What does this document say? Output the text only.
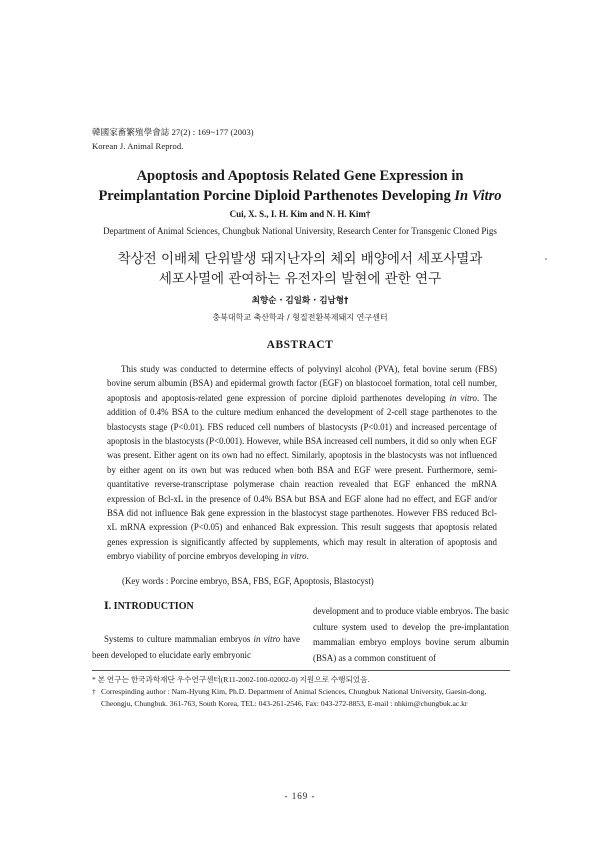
韓國家畜繁殖學會誌 27(2) : 169~177 (2003)
Korean J. Animal Reprod.
Apoptosis and Apoptosis Related Gene Expression in
Preimplantation Porcine Diploid Parthenotes Developing In Vitro
Cui, X. S., I. H. Kim and N. H. Kim†
Department of Animal Sciences, Chungbuk National University, Research Center for Transgenic Cloned Pigs
착상전 이배체 단위발생 돼지난자의 체외 배양에서 세포사멸과
세포사멸에 관여하는 유전자의 발현에 관한 연구
최향순 · 김일화 · 김남형†
충북대학교 축산학과 / 형질전환복제돼지 연구센터
ABSTRACT

This study was conducted to determine effects of polyvinyl alcohol (PVA), fetal bovine serum (FBS) bovine serum albumin (BSA) and epidermal growth factor (EGF) on blastocoel formation, total cell number, apoptosis and apoptosis-related gene expression of porcine diploid parthenotes developing in vitro. The addition of 0.4% BSA to the culture medium enhanced the development of 2-cell stage parthenotes to the blastocysts stage (P<0.01). FBS reduced cell numbers of blastocysts (P<0.01) and increased percentage of apoptosis in the blastocysts (P<0.001). However, while BSA increased cell numbers, it did so only when EGF was present. Either agent on its own had no effect. Similarly, apoptosis in the blastocysts was not influenced by either agent on its own but was reduced when both BSA and EGF were present. Furthermore, semi-quantitative reverse-transcriptase polymerase chain reaction revealed that EGF enhanced the mRNA expression of Bcl-xL in the presence of 0.4% BSA but BSA and EGF alone had no effect, and EGF and/or BSA did not influence Bak gene expression in the blastocyst stage parthenotes. However FBS reduced Bcl-xL mRNA expression (P<0.05) and enhanced Bak expression. This result suggests that apoptosis related genes expression is significantly affected by supplements, which may result in alteration of apoptosis and embryo viability of porcine embryos developing in vitro.

(Key words : Porcine embryo, BSA, FBS, EGF, Apoptosis, Blastocyst)
Ⅰ. INTRODUCTION

Systems to culture mammalian embryos in vitro have been developed to elucidate early embryonic

development and to produce viable embryos. The basic culture system used to develop the pre-implantation mammalian embryo employs bovine serum albumin (BSA) as a common constituent of

* 본 연구는 한국과학재단 우수연구센터(R11-2002-100-02002-0) 지원으로 수행되었음.
† Correspinding author : Nam-Hyung Kim, Ph.D. Department of Animal Sciences, Chungbuk National University, Gaesin-dong, Cheongju, Chungbuk. 361-763, South Korea, TEL: 043-261-2546, Fax: 043-272-8853, E-mail : nhkim@chungbuk.ac.kr
- 169 -
